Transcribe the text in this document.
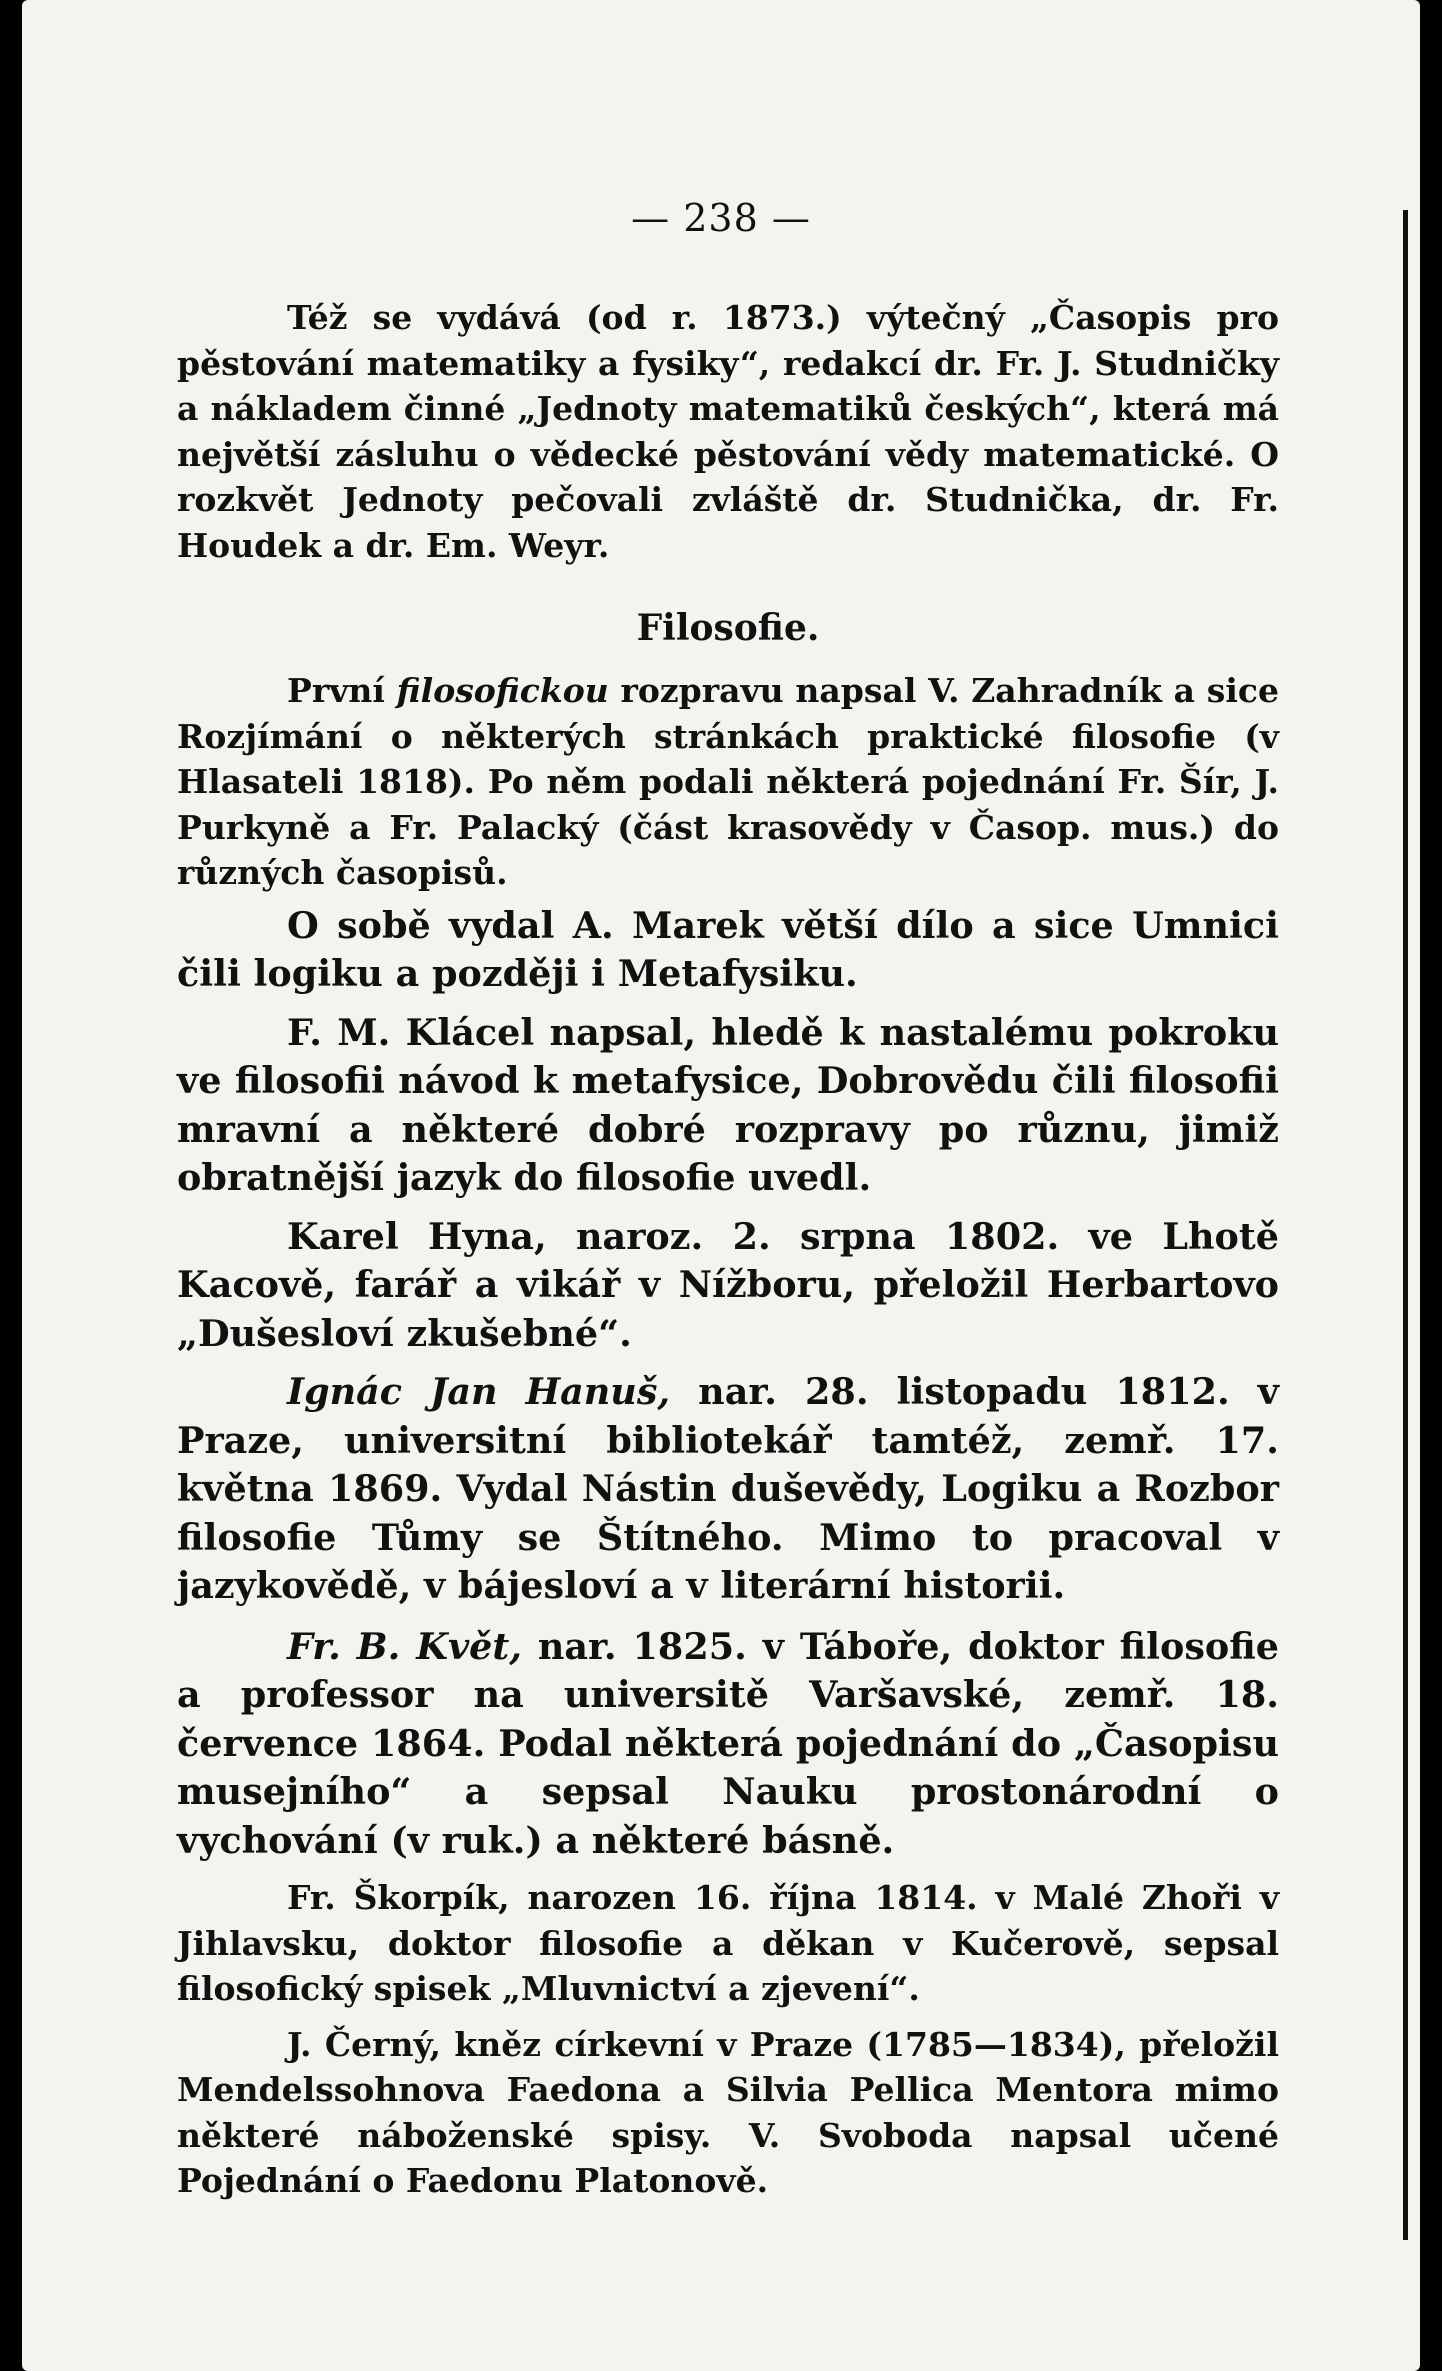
— 238 —

Též se vydává (od r. 1873.) výtečný „Časopis pro pěstování matematiky a fysiky“, redakcí dr. Fr. J. Studničky a nákladem činné „Jednoty matematiků českých“, která má největší zásluhu o vědecké pěstování vědy matematické. O rozkvět Jednoty pečovali zvláště dr. Studnička, dr. Fr. Houdek a dr. Em. Weyr.

Filosofie.

První filosofickou rozpravu napsal V. Zahradník a sice Rozjímání o některých stránkách praktické filosofie (v Hlasateli 1818). Po něm podali některá pojednání Fr. Šír, J. Purkyně a Fr. Palacký (část krasovědy v Časop. mus.) do různých časopisů.

O sobě vydal A. Marek větší dílo a sice Umnici čili logiku a později i Metafysiku.

F. M. Klácel napsal, hledě k nastalému pokroku ve filosofii návod k metafysice, Dobrovědu čili filosofii mravní a některé dobré rozpravy po různu, jimiž obratnější jazyk do filosofie uvedl.

Karel Hyna, naroz. 2. srpna 1802. ve Lhotě Kacově, farář a vikář v Nížboru, přeložil Herbartovo „Dušesloví zkušebné“.

Ignác Jan Hanuš, nar. 28. listopadu 1812. v Praze, universitní bibliotekář tamtéž, zemř. 17. května 1869. Vydal Nástin duševědy, Logiku a Rozbor filosofie Tůmy se Štítného. Mimo to pracoval v jazykovědě, v bájesloví a v literární historii.

Fr. B. Květ, nar. 1825. v Táboře, doktor filosofie a professor na universitě Varšavské, zemř. 18. července 1864. Podal některá pojednání do „Časopisu musejního“ a sepsal Nauku prostonárodní o vychování (v ruk.) a některé básně.

Fr. Škorpík, narozen 16. října 1814. v Malé Zhoři v Jihlavsku, doktor filosofie a děkan v Kučerově, sepsal filosofický spisek „Mluvnictví a zjevení“.

J. Černý, kněz církevní v Praze (1785—1834), přeložil Mendelssohnova Faedona a Silvia Pellica Mentora mimo některé náboženské spisy. V. Svoboda napsal učené Pojednání o Faedonu Platonově.
